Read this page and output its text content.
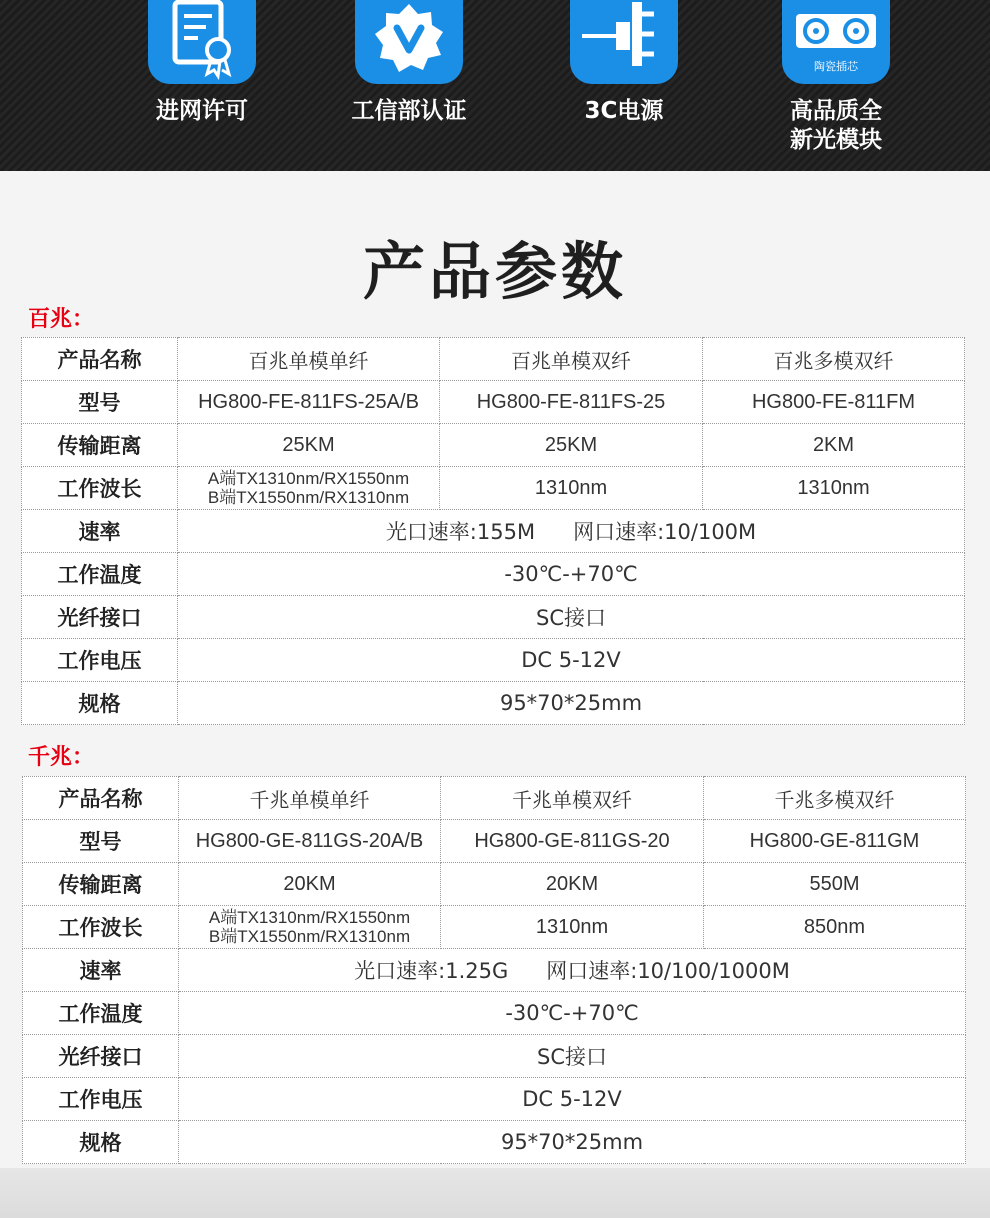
进网许可	工信部认证	3C电源
陶瓷插芯
高品质全
新光模块
产品参数
百兆：
产品名称	百兆单模单纤	百兆单模双纤	百兆多模双纤
型号	HG800-FE-811FS-25A/B	HG800-FE-811FS-25	HG800-FE-811FM
传输距离	25KM	25KM	2KM
工作波长	A端TX1310nm/RX1550nm
B端TX1550nm/RX1310nm	1310nm	1310nm
速率	光口速率:155M 网口速率:10/100M		
工作温度	-30℃-+70℃		
光纤接口	SC接口		
工作电压	DC 5-12V		
规格	95*70*25mm		
千兆：
产品名称	千兆单模单纤	千兆单模双纤	千兆多模双纤
型号	HG800-GE-811GS-20A/B	HG800-GE-811GS-20	HG800-GE-811GM
传输距离	20KM	20KM	550M
工作波长	A端TX1310nm/RX1550nm
B端TX1550nm/RX1310nm	1310nm	850nm
速率	光口速率:1.25G 网口速率:10/100/1000M		
工作温度	-30℃-+70℃		
光纤接口	SC接口		
工作电压	DC 5-12V		
规格	95*70*25mm		
